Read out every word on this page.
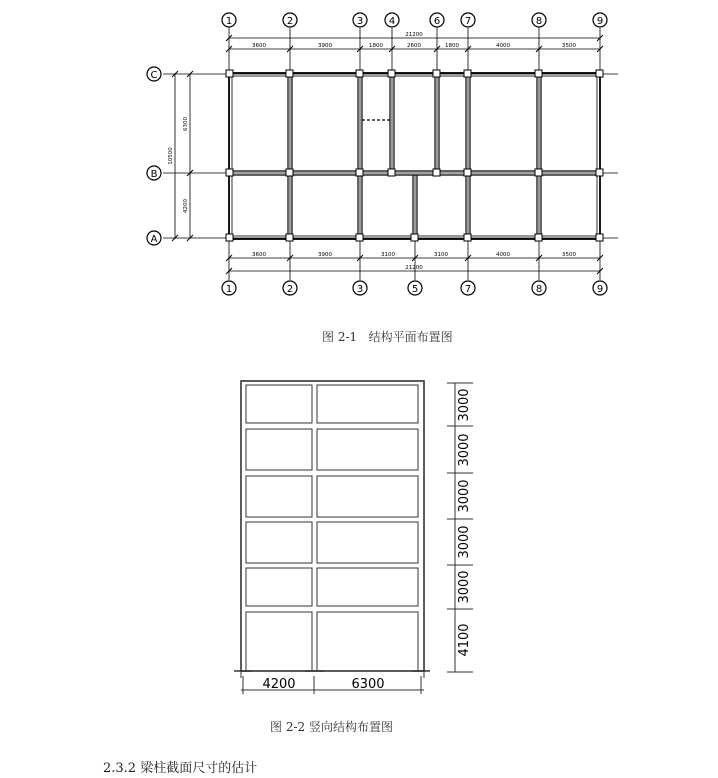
21200
3600	3900	1800	2600	1800	4000	3500
3600	3900	3100	3100	4000	3500
21200
10500
6300
4200
1	2	3	4	6 7	8	9
1	2	3	5	7	8	9
C
B
A
图 2-1   结构平面布置图
4200	6300
3000
3000
3000
3000
3000
4100
图 2-2 竖向结构布置图
2.3.2 梁柱截面尺寸的估计
